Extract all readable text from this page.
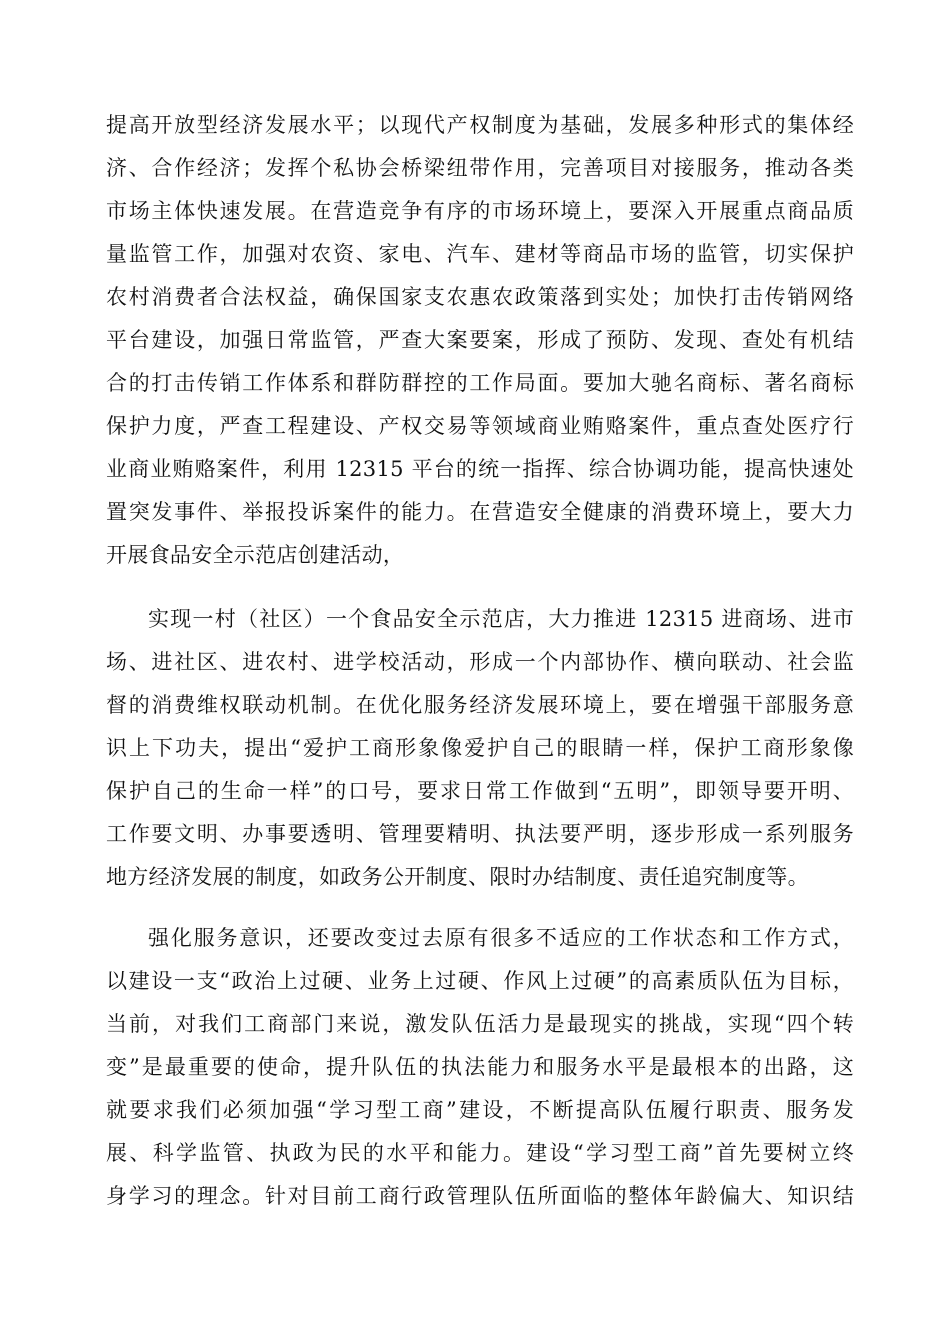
提高开放型经济发展水平；以现代产权制度为基础，发展多种形式的集体经
济、合作经济；发挥个私协会桥梁纽带作用，完善项目对接服务，推动各类
市场主体快速发展。在营造竞争有序的市场环境上，要深入开展重点商品质
量监管工作，加强对农资、家电、汽车、建材等商品市场的监管，切实保护
农村消费者合法权益，确保国家支农惠农政策落到实处；加快打击传销网络
平台建设，加强日常监管，严查大案要案，形成了预防、发现、查处有机结
合的打击传销工作体系和群防群控的工作局面。要加大驰名商标、著名商标
保护力度，严查工程建设、产权交易等领域商业贿赂案件，重点查处医疗行
业商业贿赂案件，利用 12315 平台的统一指挥、综合协调功能，提高快速处
置突发事件、举报投诉案件的能力。在营造安全健康的消费环境上，要大力
开展食品安全示范店创建活动，

实现一村（社区）一个食品安全示范店，大力推进 12315 进商场、进市
场、进社区、进农村、进学校活动，形成一个内部协作、横向联动、社会监
督的消费维权联动机制。在优化服务经济发展环境上，要在增强干部服务意
识上下功夫，提出“爱护工商形象像爱护自己的眼睛一样，保护工商形象像
保护自己的生命一样”的口号，要求日常工作做到“五明”，即领导要开明、
工作要文明、办事要透明、管理要精明、执法要严明，逐步形成一系列服务
地方经济发展的制度，如政务公开制度、限时办结制度、责任追究制度等。

强化服务意识，还要改变过去原有很多不适应的工作状态和工作方式，
以建设一支“政治上过硬、业务上过硬、作风上过硬”的高素质队伍为目标，
当前，对我们工商部门来说，激发队伍活力是最现实的挑战，实现“四个转
变”是最重要的使命，提升队伍的执法能力和服务水平是最根本的出路，这
就要求我们必须加强“学习型工商”建设，不断提高队伍履行职责、服务发
展、科学监管、执政为民的水平和能力。建设“学习型工商”首先要树立终
身学习的理念。针对目前工商行政管理队伍所面临的整体年龄偏大、知识结
